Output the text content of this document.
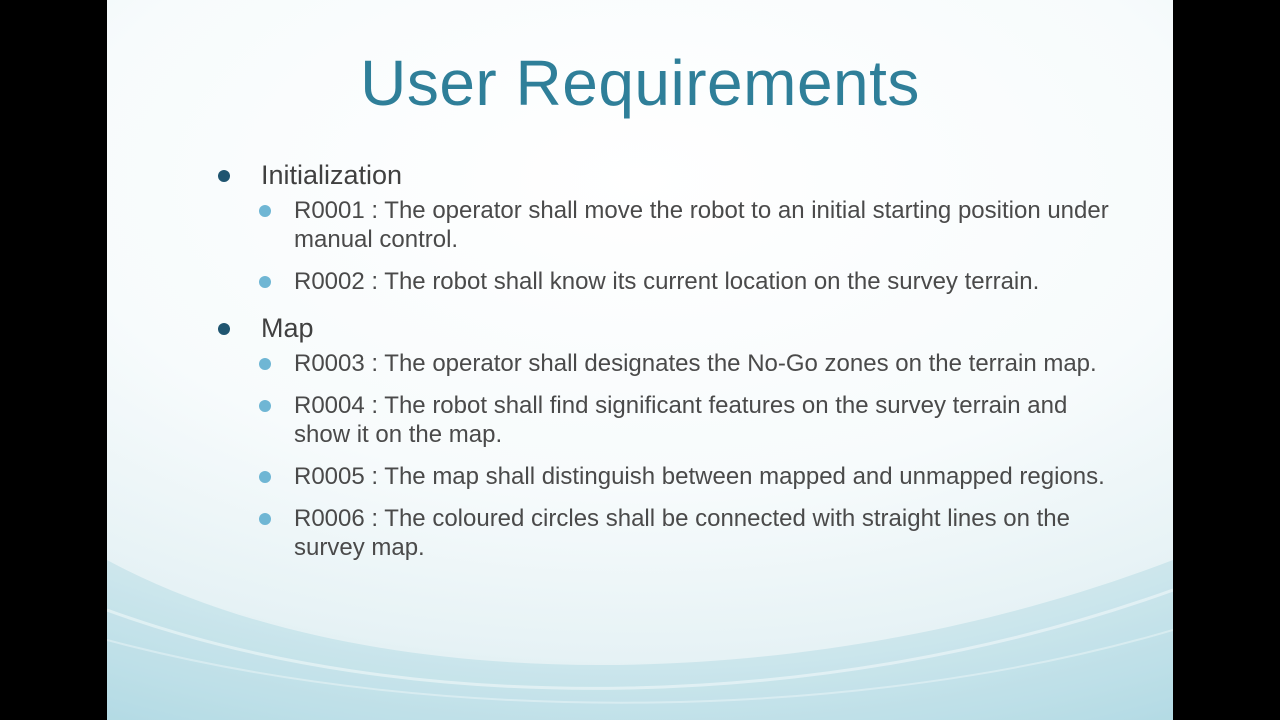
User Requirements
Initialization
R0001 : The operator shall move the robot to an initial starting position under manual control.
R0002 : The robot shall know its current location on the survey terrain.
Map
R0003 : The operator shall designates the No-Go zones on the terrain map.
R0004 : The robot shall find significant features on the survey terrain and show it on the map.
R0005 : The map shall distinguish between mapped and unmapped regions.
R0006 : The coloured circles shall be connected with straight lines on the survey map.
